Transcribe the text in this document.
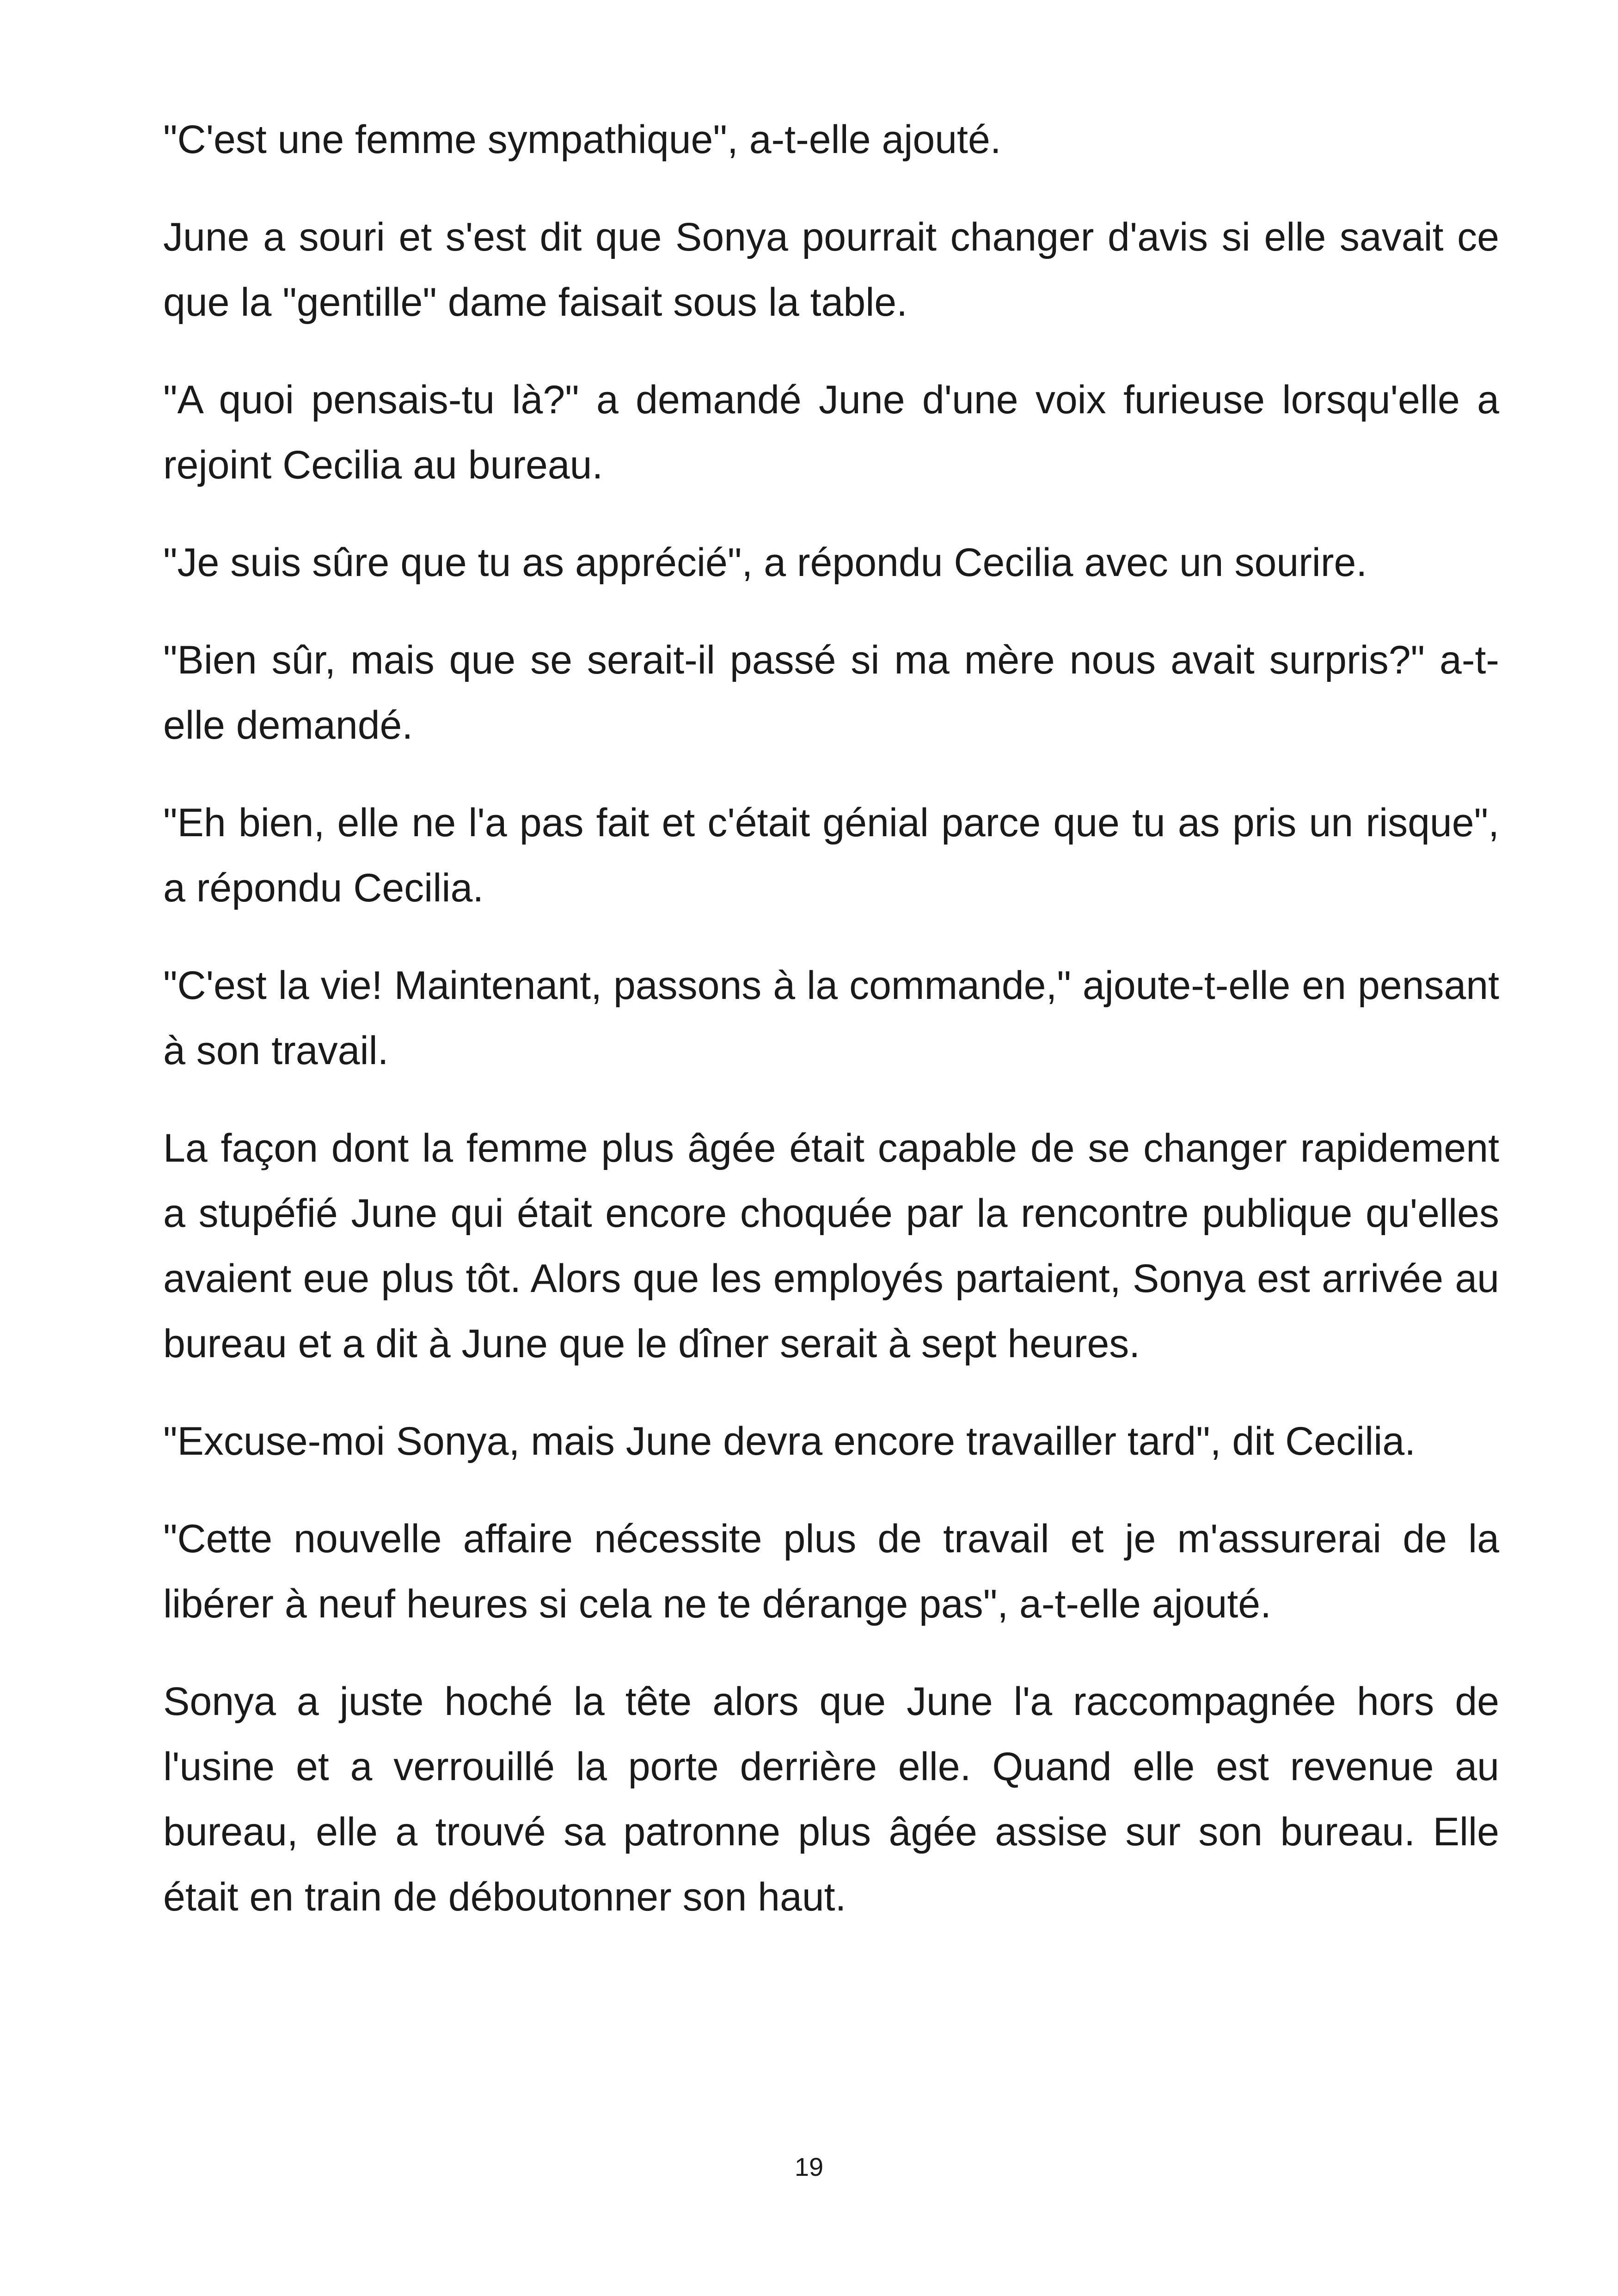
"C'est une femme sympathique", a-t-elle ajouté.

June a souri et s'est dit que Sonya pourrait changer d'avis si elle savait ce que la "gentille" dame faisait sous la table.

"A quoi pensais-tu là?" a demandé June d'une voix furieuse lorsqu'elle a rejoint Cecilia au bureau.

"Je suis sûre que tu as apprécié", a répondu Cecilia avec un sourire.

"Bien sûr, mais que se serait-il passé si ma mère nous avait surpris?" a-t-elle demandé.

"Eh bien, elle ne l'a pas fait et c'était génial parce que tu as pris un risque", a répondu Cecilia.

"C'est la vie! Maintenant, passons à la commande," ajoute-t-elle en pensant à son travail.

La façon dont la femme plus âgée était capable de se changer rapidement a stupéfié June qui était encore choquée par la rencontre publique qu'elles avaient eue plus tôt. Alors que les employés partaient, Sonya est arrivée au bureau et a dit à June que le dîner serait à sept heures.

"Excuse-moi Sonya, mais June devra encore travailler tard", dit Cecilia.

"Cette nouvelle affaire nécessite plus de travail et je m'assurerai de la libérer à neuf heures si cela ne te dérange pas", a-t-elle ajouté.

Sonya a juste hoché la tête alors que June l'a raccompagnée hors de l'usine et a verrouillé la porte derrière elle. Quand elle est revenue au bureau, elle a trouvé sa patronne plus âgée assise sur son bureau. Elle était en train de déboutonner son haut.

19
